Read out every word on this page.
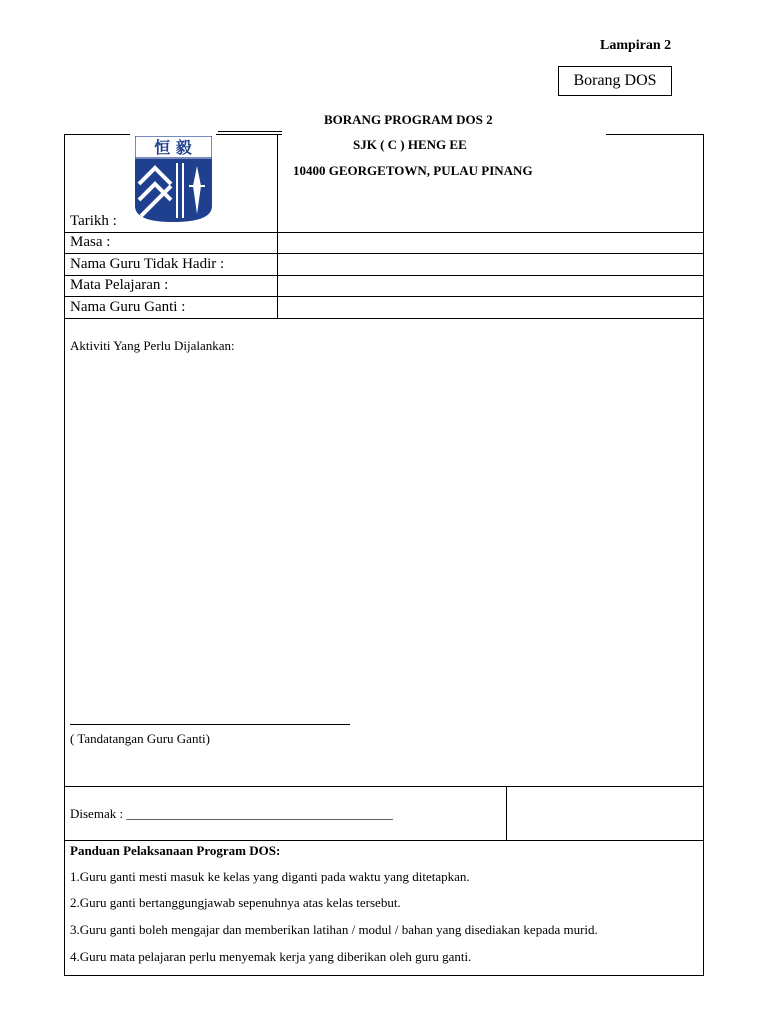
Lampiran 2
Borang DOS
BORANG PROGRAM DOS 2
SJK ( C ) HENG EE
10400 GEORGETOWN, PULAU PINANG
恒 毅
Tarikh :
Masa :
Nama Guru Tidak Hadir :
Mata Pelajaran :
Nama Guru Ganti :
Aktiviti Yang Perlu Dijalankan:
( Tandatangan Guru Ganti)
Disemak : _________________________________________
Panduan Pelaksanaan Program DOS:
1.Guru ganti mesti masuk ke kelas yang diganti pada waktu yang ditetapkan.
2.Guru ganti bertanggungjawab sepenuhnya atas kelas tersebut.
3.Guru ganti boleh mengajar dan memberikan latihan / modul / bahan yang disediakan kepada murid.
4.Guru mata pelajaran perlu menyemak kerja yang diberikan oleh guru ganti.
